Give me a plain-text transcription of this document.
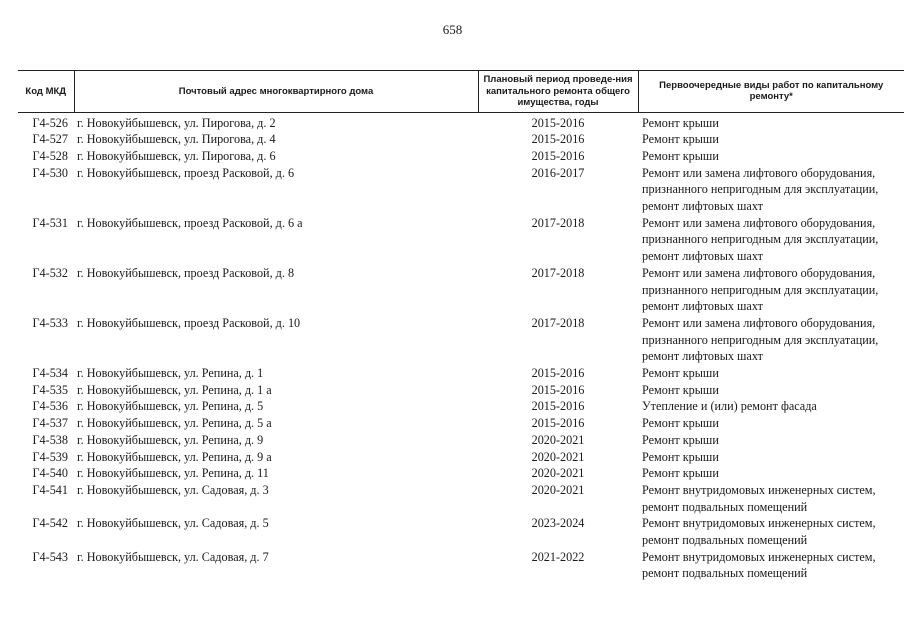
658
Код МКД	Почтовый адрес многоквартирного дома	Плановый период проведе-ния капитального ремонта общего имущества, годы	Первоочередные виды работ по капитальному ремонту*
Г4-526	г. Новокуйбышевск, ул. Пирогова, д. 2	2015-2016	Ремонт крыши

Г4-527	г. Новокуйбышевск, ул. Пирогова, д. 4	2015-2016	Ремонт крыши

Г4-528	г. Новокуйбышевск, ул. Пирогова, д. 6	2015-2016	Ремонт крыши

Г4-530	г. Новокуйбышевск, проезд Расковой, д. 6	2016-2017	Ремонт или замена лифтового оборудования,
признанного непригодным для эксплуатации,
ремонт лифтовых шахт

Г4-531	г. Новокуйбышевск, проезд Расковой, д. 6 а	2017-2018	Ремонт или замена лифтового оборудования,
признанного непригодным для эксплуатации,
ремонт лифтовых шахт

Г4-532	г. Новокуйбышевск, проезд Расковой, д. 8	2017-2018	Ремонт или замена лифтового оборудования,
признанного непригодным для эксплуатации,
ремонт лифтовых шахт

Г4-533	г. Новокуйбышевск, проезд Расковой, д. 10	2017-2018	Ремонт или замена лифтового оборудования,
признанного непригодным для эксплуатации,
ремонт лифтовых шахт

Г4-534	г. Новокуйбышевск, ул. Репина, д. 1	2015-2016	Ремонт крыши

Г4-535	г. Новокуйбышевск, ул. Репина, д. 1 а	2015-2016	Ремонт крыши

Г4-536	г. Новокуйбышевск, ул. Репина, д. 5	2015-2016	Утепление и (или) ремонт фасада

Г4-537	г. Новокуйбышевск, ул. Репина, д. 5 а	2015-2016	Ремонт крыши

Г4-538	г. Новокуйбышевск, ул. Репина, д. 9	2020-2021	Ремонт крыши

Г4-539	г. Новокуйбышевск, ул. Репина, д. 9 а	2020-2021	Ремонт крыши

Г4-540	г. Новокуйбышевск, ул. Репина, д. 11	2020-2021	Ремонт крыши

Г4-541	г. Новокуйбышевск, ул. Садовая, д. 3	2020-2021	Ремонт внутридомовых инженерных систем,
ремонт подвальных помещений

Г4-542	г. Новокуйбышевск, ул. Садовая, д. 5	2023-2024	Ремонт внутридомовых инженерных систем,
ремонт подвальных помещений

Г4-543	г. Новокуйбышевск, ул. Садовая, д. 7	2021-2022	Ремонт внутридомовых инженерных систем,
ремонт подвальных помещений
